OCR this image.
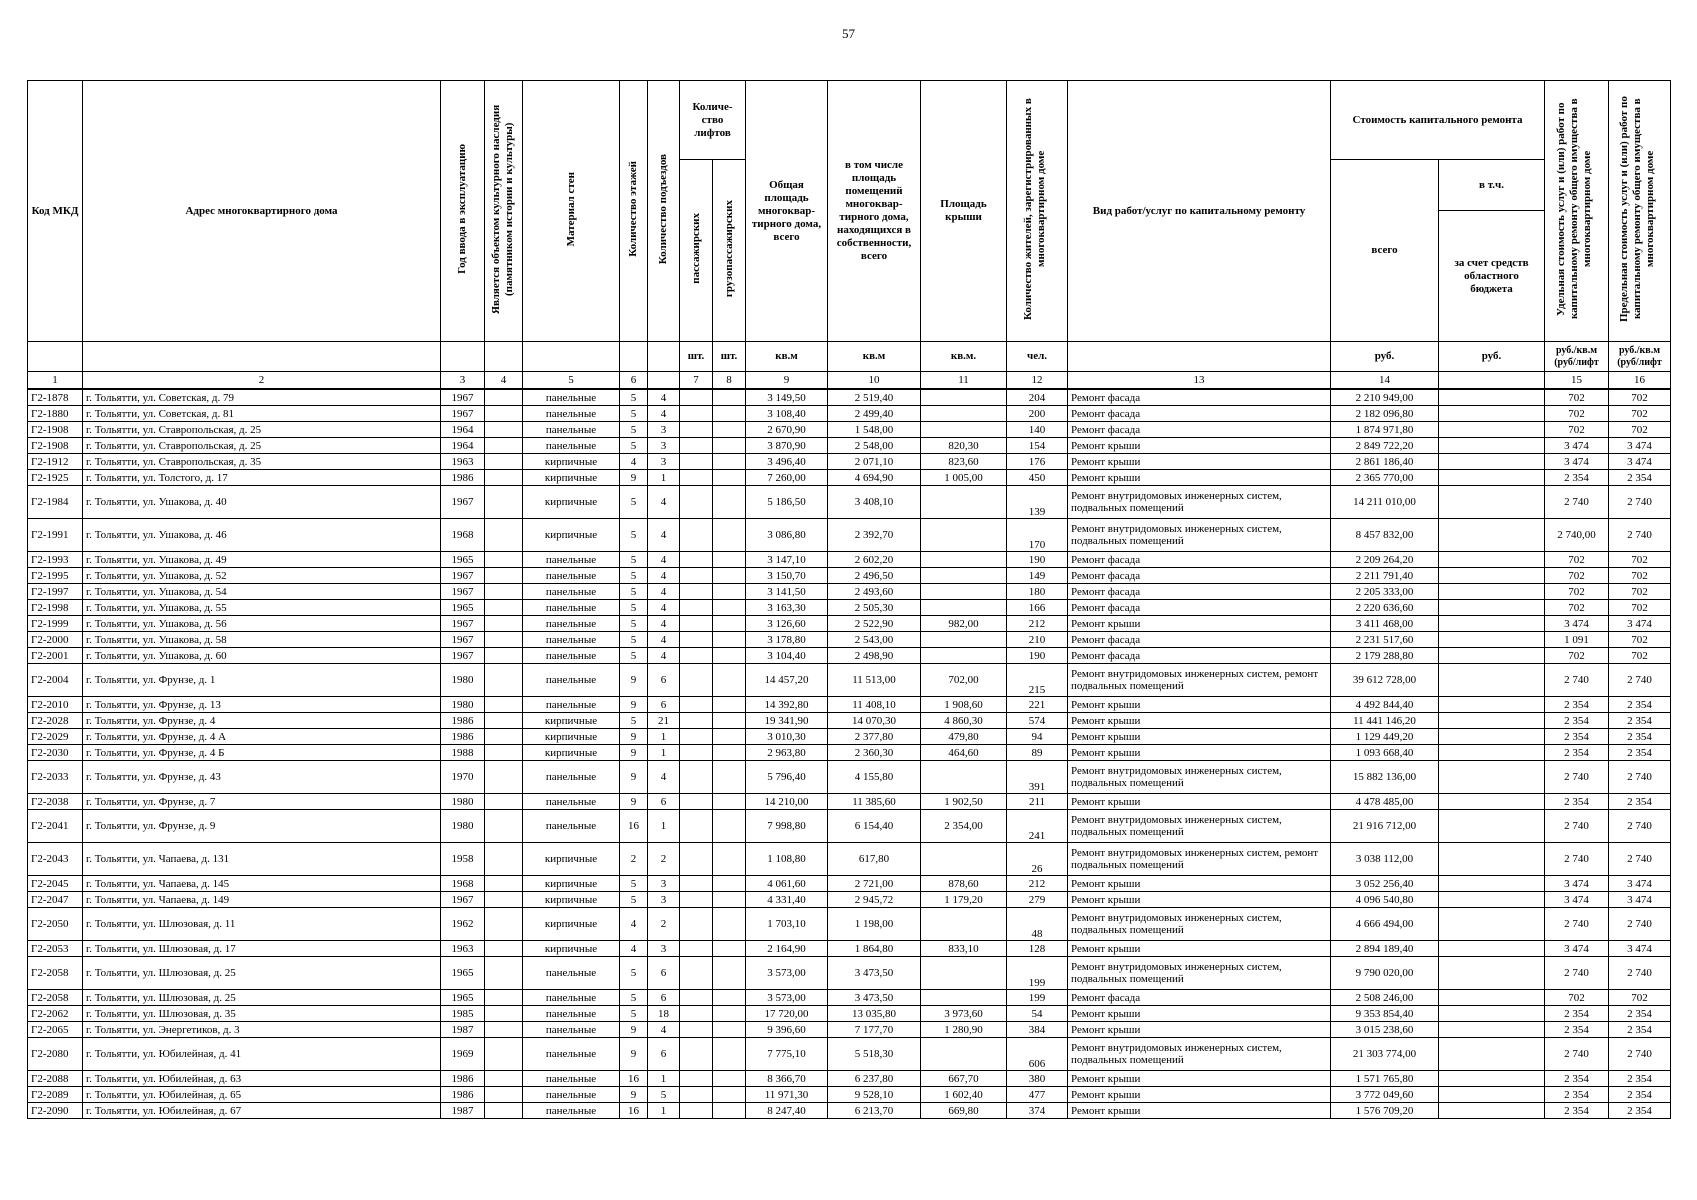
57
Код МКД	Адрес многоквартирного дома	Год ввода в эксплуатацию	Является объектом культурного наследия (памятником истории и культуры)	Материал стен	Количество этажей	Количество подъездов	Количе-ство лифтов		Общая площадь многоквар-тирного дома, всего	в том числе площадь помещений многоквар-тирного дома, находящихся в собственности, всего	Площадь крыши	Количество жителей, зарегистрированных в многоквартирном доме	Вид работ/услуг по капитальному ремонту	Стоимость капитального ремонта		Удельная стоимость услуг и (или) работ по капитальному ремонту общего имущества в многоквартирном доме	Предельная стоимость услуг и (или) работ по капитальному ремонту общего имущества в многоквартирном доме
							пассажирских	грузопассажирских						всего	в т.ч.		
															за счет средств областного бюджета		
							шт.	шт.	кв.м	кв.м	кв.м.	чел.		руб.	руб.	руб./кв.м (руб/лифт	руб./кв.м (руб/лифт
1	2	3	4	5	6		7	8	9	10	11	12	13	14		15	16
Г2-1878	г. Тольятти, ул. Советская, д. 79	1967		панельные	5	4			3 149,50	2 519,40		204	Ремонт фасада	2 210 949,00		702	702
Г2-1880	г. Тольятти, ул. Советская, д. 81	1967		панельные	5	4			3 108,40	2 499,40		200	Ремонт фасада	2 182 096,80		702	702
Г2-1908	г. Тольятти, ул. Ставропольская, д. 25	1964		панельные	5	3			2 670,90	1 548,00		140	Ремонт фасада	1 874 971,80		702	702
Г2-1908	г. Тольятти, ул. Ставропольская, д. 25	1964		панельные	5	3			3 870,90	2 548,00	820,30	154	Ремонт крыши	2 849 722,20		3 474	3 474
Г2-1912	г. Тольятти, ул. Ставропольская, д. 35	1963		кирпичные	4	3			3 496,40	2 071,10	823,60	176	Ремонт крыши	2 861 186,40		3 474	3 474
Г2-1925	г. Тольятти, ул. Толстого, д. 17	1986		кирпичные	9	1			7 260,00	4 694,90	1 005,00	450	Ремонт крыши	2 365 770,00		2 354	2 354
Г2-1984	г. Тольятти, ул. Ушакова, д. 40	1967		кирпичные	5	4			5 186,50	3 408,10		139	Ремонт внутридомовых инженерных систем, подвальных помещений	14 211 010,00		2 740	2 740
Г2-1991	г. Тольятти, ул. Ушакова, д. 46	1968		кирпичные	5	4			3 086,80	2 392,70		170	Ремонт внутридомовых инженерных систем, подвальных помещений	8 457 832,00		2 740,00	2 740
Г2-1993	г. Тольятти, ул. Ушакова, д. 49	1965		панельные	5	4			3 147,10	2 602,20		190	Ремонт фасада	2 209 264,20		702	702
Г2-1995	г. Тольятти, ул. Ушакова, д. 52	1967		панельные	5	4			3 150,70	2 496,50		149	Ремонт фасада	2 211 791,40		702	702
Г2-1997	г. Тольятти, ул. Ушакова, д. 54	1967		панельные	5	4			3 141,50	2 493,60		180	Ремонт фасада	2 205 333,00		702	702
Г2-1998	г. Тольятти, ул. Ушакова, д. 55	1965		панельные	5	4			3 163,30	2 505,30		166	Ремонт фасада	2 220 636,60		702	702
Г2-1999	г. Тольятти, ул. Ушакова, д. 56	1967		панельные	5	4			3 126,60	2 522,90	982,00	212	Ремонт крыши	3 411 468,00		3 474	3 474
Г2-2000	г. Тольятти, ул. Ушакова, д. 58	1967		панельные	5	4			3 178,80	2 543,00		210	Ремонт фасада	2 231 517,60		1 091	702
Г2-2001	г. Тольятти, ул. Ушакова, д. 60	1967		панельные	5	4			3 104,40	2 498,90		190	Ремонт фасада	2 179 288,80		702	702
Г2-2004	г. Тольятти, ул. Фрунзе, д. 1	1980		панельные	9	6			14 457,20	11 513,00	702,00	215	Ремонт внутридомовых инженерных систем, ремонт подвальных помещений	39 612 728,00		2 740	2 740
Г2-2010	г. Тольятти, ул. Фрунзе, д. 13	1980		панельные	9	6			14 392,80	11 408,10	1 908,60	221	Ремонт крыши	4 492 844,40		2 354	2 354
Г2-2028	г. Тольятти, ул. Фрунзе, д. 4	1986		кирпичные	5	21			19 341,90	14 070,30	4 860,30	574	Ремонт крыши	11 441 146,20		2 354	2 354
Г2-2029	г. Тольятти, ул. Фрунзе, д. 4 А	1986		кирпичные	9	1			3 010,30	2 377,80	479,80	94	Ремонт крыши	1 129 449,20		2 354	2 354
Г2-2030	г. Тольятти, ул. Фрунзе, д. 4 Б	1988		кирпичные	9	1			2 963,80	2 360,30	464,60	89	Ремонт крыши	1 093 668,40		2 354	2 354
Г2-2033	г. Тольятти, ул. Фрунзе, д. 43	1970		панельные	9	4			5 796,40	4 155,80		391	Ремонт внутридомовых инженерных систем, подвальных помещений	15 882 136,00		2 740	2 740
Г2-2038	г. Тольятти, ул. Фрунзе, д. 7	1980		панельные	9	6			14 210,00	11 385,60	1 902,50	211	Ремонт крыши	4 478 485,00		2 354	2 354
Г2-2041	г. Тольятти, ул. Фрунзе, д. 9	1980		панельные	16	1			7 998,80	6 154,40	2 354,00	241	Ремонт внутридомовых инженерных систем, подвальных помещений	21 916 712,00		2 740	2 740
Г2-2043	г. Тольятти, ул. Чапаева, д. 131	1958		кирпичные	2	2			1 108,80	617,80		26	Ремонт внутридомовых инженерных систем, ремонт подвальных помещений	3 038 112,00		2 740	2 740
Г2-2045	г. Тольятти, ул. Чапаева, д. 145	1968		кирпичные	5	3			4 061,60	2 721,00	878,60	212	Ремонт крыши	3 052 256,40		3 474	3 474
Г2-2047	г. Тольятти, ул. Чапаева, д. 149	1967		кирпичные	5	3			4 331,40	2 945,72	1 179,20	279	Ремонт крыши	4 096 540,80		3 474	3 474
Г2-2050	г. Тольятти, ул. Шлюзовая, д. 11	1962		кирпичные	4	2			1 703,10	1 198,00		48	Ремонт внутридомовых инженерных систем, подвальных помещений	4 666 494,00		2 740	2 740
Г2-2053	г. Тольятти, ул. Шлюзовая, д. 17	1963		кирпичные	4	3			2 164,90	1 864,80	833,10	128	Ремонт крыши	2 894 189,40		3 474	3 474
Г2-2058	г. Тольятти, ул. Шлюзовая, д. 25	1965		панельные	5	6			3 573,00	3 473,50		199	Ремонт внутридомовых инженерных систем, подвальных помещений	9 790 020,00		2 740	2 740
Г2-2058	г. Тольятти, ул. Шлюзовая, д. 25	1965		панельные	5	6			3 573,00	3 473,50		199	Ремонт фасада	2 508 246,00		702	702
Г2-2062	г. Тольятти, ул. Шлюзовая, д. 35	1985		панельные	5	18			17 720,00	13 035,80	3 973,60	54	Ремонт крыши	9 353 854,40		2 354	2 354
Г2-2065	г. Тольятти, ул. Энергетиков, д. 3	1987		панельные	9	4			9 396,60	7 177,70	1 280,90	384	Ремонт крыши	3 015 238,60		2 354	2 354
Г2-2080	г. Тольятти, ул. Юбилейная, д. 41	1969		панельные	9	6			7 775,10	5 518,30		606	Ремонт внутридомовых инженерных систем, подвальных помещений	21 303 774,00		2 740	2 740
Г2-2088	г. Тольятти, ул. Юбилейная, д. 63	1986		панельные	16	1			8 366,70	6 237,80	667,70	380	Ремонт крыши	1 571 765,80		2 354	2 354
Г2-2089	г. Тольятти, ул. Юбилейная, д. 65	1986		панельные	9	5			11 971,30	9 528,10	1 602,40	477	Ремонт крыши	3 772 049,60		2 354	2 354
Г2-2090	г. Тольятти, ул. Юбилейная, д. 67	1987		панельные	16	1			8 247,40	6 213,70	669,80	374	Ремонт крыши	1 576 709,20		2 354	2 354
